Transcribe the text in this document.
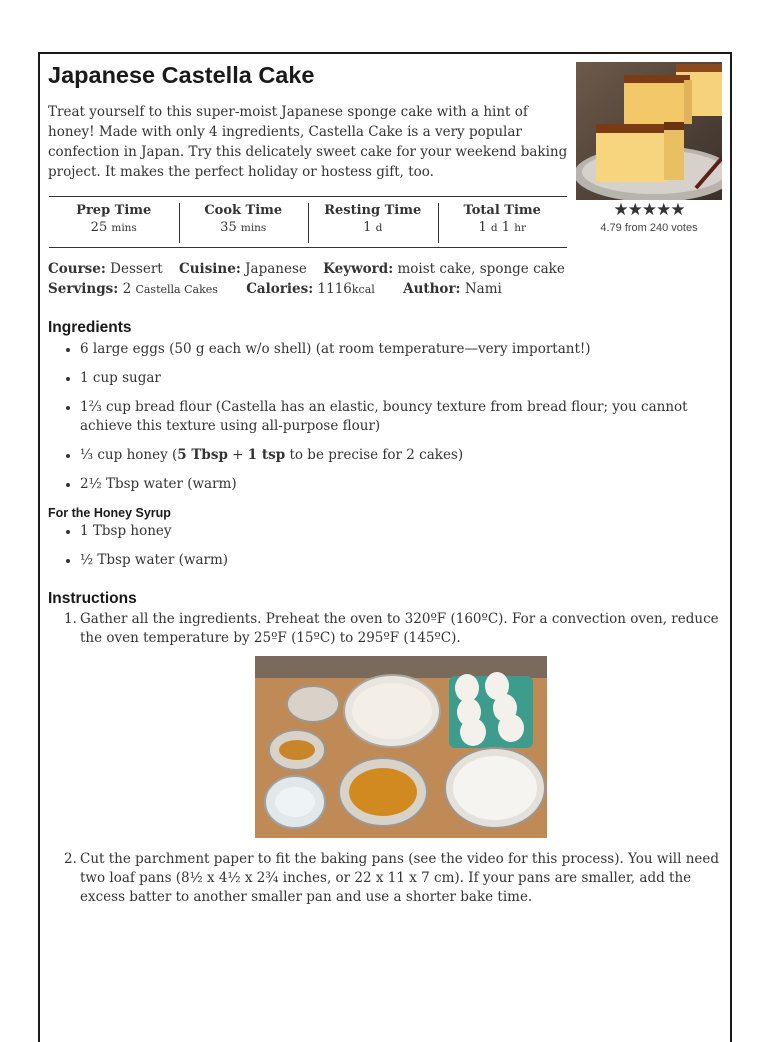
Japanese Castella Cake

Treat yourself to this super-moist Japanese sponge cake with a hint of honey! Made with only 4 ingredients, Castella Cake is a very popular confection in Japan. Try this delicately sweet cake for your weekend baking project. It makes the perfect holiday or hostess gift, too.

★★★★★
4.79 from 240 votes
Prep Time
25 mins
Cook Time
35 mins
Resting Time
1 d
Total Time
1 d 1 hr
Course: Dessert Cuisine: Japanese Keyword: moist cake, sponge cake
Servings: 2 Castella Cakes Calories: 1116kcal Author: Nami
Ingredients
6 large eggs (50 g each w/o shell) (at room temperature—very important!)
1 cup sugar
1⅔ cup bread flour (Castella has an elastic, bouncy texture from bread flour; you cannot achieve this texture using all-purpose flour)
⅓ cup honey (5 Tbsp + 1 tsp to be precise for 2 cakes)
2½ Tbsp water (warm)
For the Honey Syrup
1 Tbsp honey
½ Tbsp water (warm)
Instructions
1. Gather all the ingredients. Preheat the oven to 320ºF (160ºC). For a convection oven, reduce the oven temperature by 25ºF (15ºC) to 295ºF (145ºC).
2. Cut the parchment paper to fit the baking pans (see the video for this process). You will need two loaf pans (8½ x 4½ x 2¾ inches, or 22 x 11 x 7 cm). If your pans are smaller, add the excess batter to another smaller pan and use a shorter bake time.
